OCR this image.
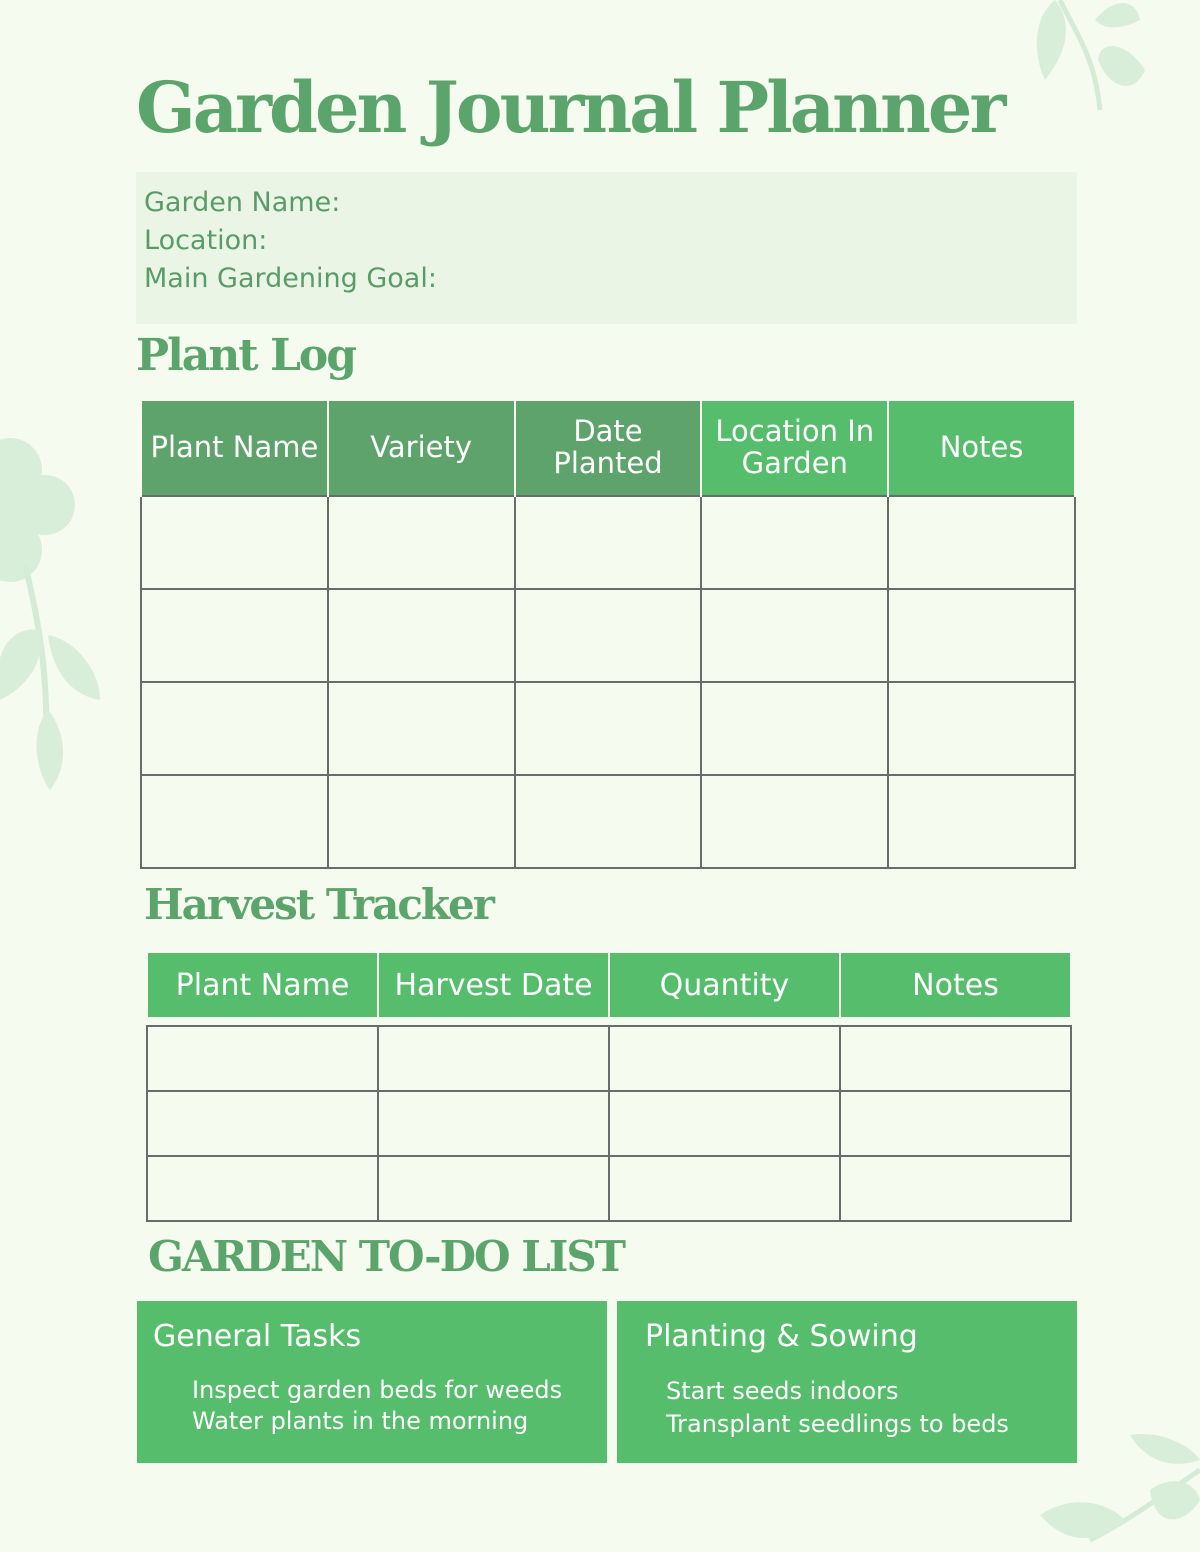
Garden Journal Planner
Garden Name:
Location:
Main Gardening Goal:
Plant Log
Plant Name	Variety	Date Planted	Location In Garden	Notes

Harvest Tracker
Plant Name	Harvest Date	Quantity	Notes

GARDEN TO-DO LIST
General Tasks
Inspect garden beds for weeds
Water plants in the morning
Planting & Sowing
Start seeds indoors
Transplant seedlings to beds
